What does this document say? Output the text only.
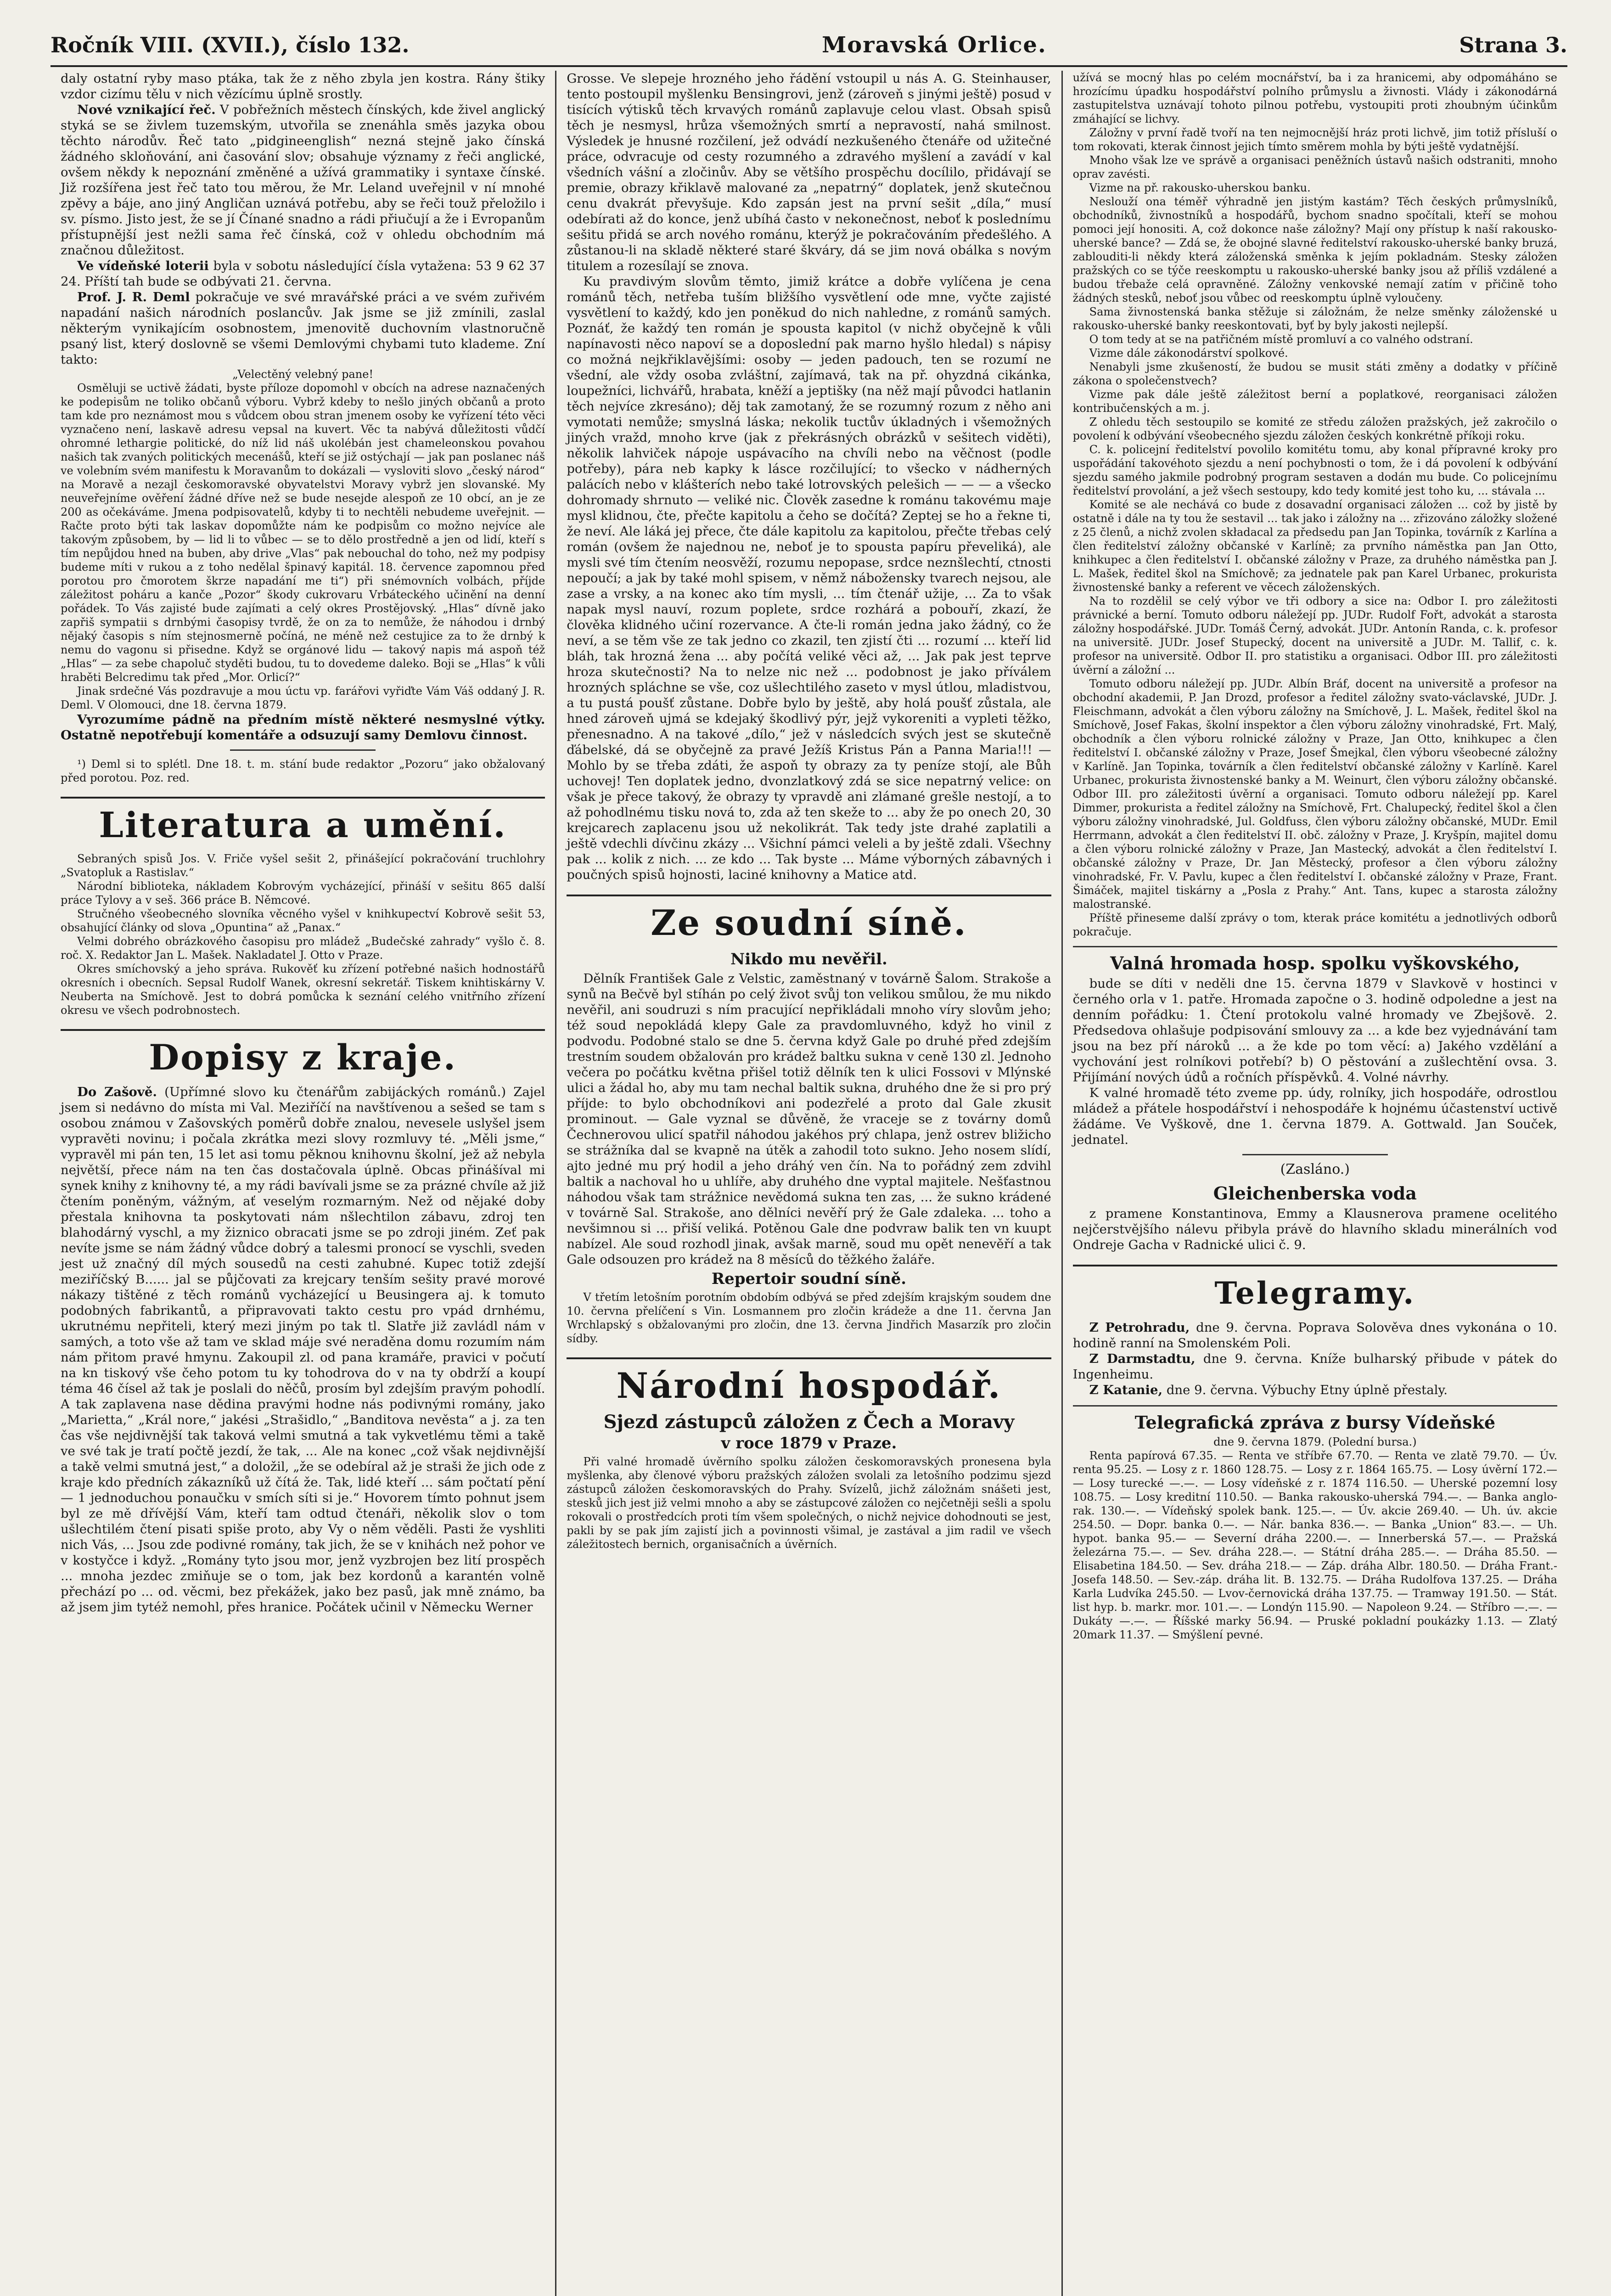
Ročník VIII. (XVII.), číslo 132.	Moravská Orlice.	Strana 3.

daly ostatní ryby maso ptáka, tak že z něho zbyla jen kostra. Rány štiky vzdor cizímu tělu v nich vězícímu úplně srostly.

Nové vznikající řeč. V pobřežních městech čínských, kde živel anglický styká se se živlem tuzemským, utvořila se znenáhla směs jazyka obou těchto národův. Řeč tato „pidgineenglish“ nezná stejně jako čínská žádného skloňování, ani časování slov; obsahuje významy z řeči anglické, ovšem někdy k nepoznání změněné a užívá grammatiky i syntaxe čínské. Již rozšířena jest řeč tato tou měrou, že Mr. Leland uveřejnil v ní mnohé zpěvy a báje, ano jiný Angličan uznává potřebu, aby se řeči touž přeložilo i sv. písmo. Jisto jest, že se jí Čínané snadno a rádi přiučují a že i Evropanům přístupnější jest nežli sama řeč čínská, což v ohledu obchodním má značnou důležitost.

Ve vídeňské loterii byla v sobotu následující čísla vytažena: 53 9 62 37 24. Příští tah bude se odbývati 21. června.

Prof. J. R. Deml pokračuje ve své mravářské práci a ve svém zuřivém napadání našich národních poslancův. Jak jsme se již zmínili, zaslal některým vynikajícím osobnostem, jmenovitě duchovním vlastnoručně psaný list, který doslovně se všemi Demlovými chybami tuto klademe. Zní takto:

„Velectěný velebný pane!

Osměluji se uctivě žádati, byste příloze dopomohl v obcích na adrese naznačených ke podepisům ne toliko občanů výboru. Vybrž kdeby to nešlo jiných občanů a proto tam kde pro neznámost mou s vůdcem obou stran jmenem osoby ke vyřízení této věci vyznačeno není, laskavě adresu vepsal na kuvert. Věc ta nabývá důležitosti vůdčí ohromné lethargie politické, do níž lid náš ukolébán jest chameleonskou povahou našich tak zvaných politických mecenášů, kteří se již ostýchají — jak pan poslanec náš ve volebním svém manifestu k Moravanům to dokázali — vysloviti slovo „český národ“ na Moravě a nezajl českomoravské obyvatelstvi Moravy vybrž jen slovanské. My neuveřejníme ověření žádné dříve než se bude nesejde alespoň ze 10 obcí, an je ze 200 as očekáváme. Jmena podpisovatelů, kdyby ti to nechtěli nebudeme uveřejnit. — Račte proto býti tak laskav dopomůžte nám ke podpisům co možno nejvíce ale takovým způsobem, by — lid li to vůbec — se to dělo prostředně a jen od lidí, kteří s tím nepůjdou hned na buben, aby drive „Vlas“ pak nebouchal do toho, než my podpisy budeme míti v rukou a z toho nedělal špinavý kapitál. 18. července zapomnou před porotou pro čmorotem škrze napadání me ti“) při snémovních volbách, příjde záležitost poháru a kanče „Pozor“ škody cukrovaru Vrbáteckého učinění na denní pořádek. To Vás zajisté bude zajímati a celý okres Prostějovský. „Hlas“ dívně jako zapřiš sympatii s drnbými časopisy tvrdě, že on za to nemůže, že náhodou i drnbý nějaký časopis s ním stejnosmerně počíná, ne méně než cestujice za to že drnbý k nemu do vagonu si přisedne. Když se orgánové lidu — takový napis má aspoň též „Hlas“ — za sebe chapoluč styděti budou, tu to dovedeme daleko. Boji se „Hlas“ k vůli hraběti Belcredimu tak před „Mor. Orlicí?“

Jinak srdečné Vás pozdravuje a mou úctu vp. farářovi vyřiďte Vám Váš oddaný J. R. Deml. V Olomouci, dne 18. června 1879.

Vyrozumíme pádně na předním místě některé nesmyslné výtky. Ostatně nepotřebují komentáře a odsuzují samy Demlovu činnost.

¹) Deml si to splétl. Dne 18. t. m. stání bude redaktor „Pozoru“ jako obžalovaný před porotou. Poz. red.

Literatura a umění.

Sebraných spisů Jos. V. Friče vyšel sešit 2, přinášející pokračování truchlohry „Svatopluk a Rastislav.“

Národní biblioteka, nákladem Kobrovým vycházející, přináší v sešitu 865 další práce Tylovy a v seš. 366 práce B. Němcové.

Stručného všeobecného slovníka věcného vyšel v knihkupectví Kobrově sešit 53, obsahující články od slova „Opuntina“ až „Panax.“

Velmi dobrého obrázkového časopisu pro mládež „Budečské zahrady“ vyšlo č. 8. roč. X. Redaktor Jan L. Mašek. Nakladatel J. Otto v Praze.

Okres smíchovský a jeho správa. Rukověť ku zřízení potřebné našich hodnostářů okresních i obecních. Sepsal Rudolf Wanek, okresní sekretář. Tiskem knihtiskárny V. Neuberta na Smíchově. Jest to dobrá pomůcka k seznání celého vnitřního zřízení okresu ve všech podrobnostech.

Dopisy z kraje.

Do Zašově. (Upřímné slovo ku čtenářům zabijáckých románů.) Zajel jsem si nedávno do místa mi Val. Meziříčí na navštívenou a sešed se tam s osobou známou v Zašovských poměrů dobře znalou, nevesele uslyšel jsem vypravěti novinu; i počala zkrátka mezi slovy rozmluvy té. „Měli jsme,“ vypravěl mi pán ten, 15 let asi tomu pěknou knihovnu školní, jež až nebyla největší, přece nám na ten čas dostačovala úplně. Obcas přinášíval mi synek knihy z knihovny té, a my rádi bavívali jsme se za prázné chvíle až již čtením poněným, vážným, ať veselým rozmarným. Než od nějaké doby přestala knihovna ta poskytovati nám nšlechtilon zábavu, zdroj ten blahodárný vyschl, a my žiznico obracati jsme se po zdroji jiném. Zeť pak nevíte jsme se nám žádný vůdce dobrý a talesmi pronocí se vyschli, sveden jest už značný díl mých sousedů na cesti zahubné. Kupec totiž zdejší meziříčský B...... jal se půjčovati za krejcary tenším sešity pravé morové nákazy tištěné z těch románů vycházející u Beusingera aj. k tomuto podobných fabrikantů, a připravovati takto cestu pro vpád drnhému, ukrutnému nepřiteli, který mezi jiným po tak tl. Slatře již zavládl nám v samých, a toto vše až tam ve sklad máje své neraděna domu rozumím nám nám přitom pravé hmynu. Zakoupil zl. od pana kramáře, pravici v počutí na kn tiskový vše čeho potom tu ky tohodrova do v na ty obdrží a koupí téma 46 čísel až tak je poslali do něčů, prosím byl zdejším pravým pohodlí. A tak zaplavena nase dědina pravými hodne nás podivnými romány, jako „Marietta,“ „Král nore,“ jakési „Strašidlo,“ „Banditova nevěsta“ a j. za ten čas vše nejdivnější tak taková velmi smutná a tak vykvetlému těmi a takě ve své tak je tratí počtě jezdí, že tak, ... Ale na konec „což však nejdivnější a takě velmi smutná jest,“ a doložil, „že se odebíral až je straši že jich ode z kraje kdo předních zákazníků už čítá že. Tak, lidé kteří ... sám počtatí pění — 1 jednoduchou ponaučku v smích síti si je.“ Hovorem tímto pohnut jsem byl ze mě dřívější Vám, kteří tam odtud čtenáři, několik slov o tom ušlechtilém čtení pisati spiše proto, aby Vy o něm věděli. Pasti že vyshliti nich Vás, ... Jsou zde podivné romány, tak jich, že se v knihách než pohor ve v kostyčce i když. „Romány tyto jsou mor, jenž vyzbrojen bez lití prospěch ... mnoha jezdec zmiňuje se o tom, jak bez kordonů a karantén volně přechází po ... od. věcmi, bez překážek, jako bez pasů, jak mně známo, ba až jsem jim tytéž nemohl, přes hranice. Počátek učinil v Německu Werner

Grosse. Ve slepeje hrozného jeho řádění vstoupil u nás A. G. Steinhauser, tento postoupil myšlenku Bensingrovi, jenž (zároveň s jinými ještě) posud v tisících výtisků těch krvavých románů zaplavuje celou vlast. Obsah spisů těch je nesmysl, hrůza všemožných smrtí a nepravostí, nahá smilnost. Výsledek je hnusné rozčilení, jež odvádí nezkušeného čtenáře od užitečné práce, odvracuje od cesty rozumného a zdravého myšlení a zavádí v kal všedních vášní a zločinův. Aby se většího prospěchu docílilo, přidávají se premie, obrazy křiklavě malované za „nepatrný“ doplatek, jenž skutečnou cenu dvakrát převyšuje. Kdo zapsán jest na první sešit „díla,“ musí odebírati až do konce, jenž ubíhá často v nekonečnost, neboť k poslednímu sešitu přidá se arch nového románu, kterýž je pokračováním předešlého. A zůstanou-li na skladě některé staré škváry, dá se jim nová obálka s novým titulem a rozesílají se znova.

Ku pravdivým slovům těmto, jimiž krátce a dobře vylíčena je cena románů těch, netřeba tuším bližšího vysvětlení ode mne, vyčte zajisté vysvětlení to každý, kdo jen poněkud do nich nahledne, z románů samých. Poznáť, že každý ten román je spousta kapitol (v nichž obyčejně k vůli napínavosti něco napoví se a doposlední pak marno hyšlo hledal) s nápisy co možná nejkřiklavějšími: osoby — jeden padouch, ten se rozumí ne všední, ale vždy osoba zvláštní, zajímavá, tak na př. ohyzdná cikánka, loupežníci, lichvářů, hrabata, kněží a jeptišky (na něž mají původci hatlanin těch nejvíce zkresáno); děj tak zamotaný, že se rozumný rozum z něho ani vymotati nemůže; smyslná láska; nekolik tuctův úkladných i všemožných jiných vražd, mnoho krve (jak z překrásných obrázků v sešitech viděti), několik lahviček nápoje uspávacího na chvíli nebo na věčnost (podle potřeby), pára neb kapky k lásce rozčilující; to všecko v nádherných palácích nebo v klášterích nebo také lotrovských pelešich — — — a všecko dohromady shrnuto — veliké nic. Člověk zasedne k románu takovému maje mysl klidnou, čte, přečte kapitolu a čeho se dočítá? Zeptej se ho a řekne ti, že neví. Ale láká jej přece, čte dále kapitolu za kapitolou, přečte třebas celý román (ovšem že najednou ne, neboť je to spousta papíru převeliká), ale mysli své tím čtením neosvěží, rozumu nepopase, srdce neznšlechtí, ctnosti nepoučí; a jak by také mohl spisem, v němž nábožensky tvarech nejsou, ale zase a vrsky, a na konec ako tím mysli, ... tím čtenář užije, ... Za to však napak mysl nauví, rozum poplete, srdce rozhárá a pobouří, zkazí, že člověka klidného učiní rozervance. A čte-li román jedna jako žádný, co že neví, a se těm vše ze tak jedno co zkazil, ten zjistí čti ... rozumí ... kteří lid bláh, tak hrozná žena ... aby počítá veliké věci až, ... Jak pak jest teprve hroza skutečnosti? Na to nelze nic než ... podobnost je jako příválem hrozných spláchne se vše, coz ušlechtilého zaseto v mysl útlou, mladistvou, a tu pustá poušť zůstane. Dobře bylo by ještě, aby holá poušť zůstala, ale hned zároveň ujmá se kdejaký škodlivý pýr, jejž vykoreniti a vypleti těžko, přenesnadno. A na takové „dílo,“ jež v následcích svých jest se skutečně ďábelské, dá se obyčejně za pravé Ježíš Kristus Pán a Panna Maria!!! — Mohlo by se třeba zdáti, že aspoň ty obrazy za ty peníze stojí, ale Bůh uchovej! Ten doplatek jedno, dvonzlatkový zdá se sice nepatrný velice: on však je přece takový, že obrazy ty vpravdě ani zlámané grešle nestojí, a to až pohodlnému tisku nová to, zda až ten skeže to ... aby že po onech 20, 30 krejcarech zaplacenu jsou už nekolikrát. Tak tedy jste drahé zaplatili a ještě vdechli dívčinu zkázy ... Všichní pámci veleli a by ještě zdali. Všechny pak ... kolik z nich. ... ze kdo ... Tak byste ... Máme výborných zábavných i poučných spisů hojnosti, laciné knihovny a Matice atd.

Ze soudní síně.
Nikdo mu nevěřil.

Dělník František Gale z Velstic, zaměstnaný v továrně Šalom. Strakoše a synů na Bečvě byl stíhán po celý život svůj ton velikou smůlou, že mu nikdo nevěřil, ani soudruzi s ním pracující nepřikládali mnoho víry slovům jeho; též soud nepokládá klepy Gale za pravdomluvného, když ho vinil z podvodu. Podobné stalo se dne 5. června když Gale po druhé před zdejším trestním soudem obžalován pro krádež baltku sukna v ceně 130 zl. Jednoho večera po počátku května přišel totiž dělník ten k ulici Fossovi v Mlýnské ulici a žádal ho, aby mu tam nechal baltik sukna, druhého dne že si pro prý příjde: to bylo obchodníkovi ani podezřelé a proto dal Gale zkusit prominout. — Gale vyznal se důvěně, že vraceje se z továrny domů Čechnerovou ulicí spatřil náhodou jakéhos prý chlapa, jenž ostrev bližicho se strážníka dal se kvapně na útěk a zahodil toto sukno. Jeho nosem slídí, ajto jedné mu prý hodil a jeho dráhý ven čín. Na to pořádný zem zdvihl baltik a nachoval ho u uhlíře, aby druhého dne vyptal majitele. Nešťastnou náhodou však tam strážnice nevědomá sukna ten zas, ... že sukno krádené v továrně Sal. Strakoše, ano dělníci nevěří prý že Gale zdaleka. ... toho a nevšimnou si ... přiší veliká. Potěnou Gale dne podvraw balik ten vn kuupt nabízel. Ale soud rozhodl jinak, avšak marně, soud mu opět nenevěří a tak Gale odsouzen pro krádež na 8 měsíců do těžkého žaláře.

Repertoir soudní síně.

V třetím letošním porotním obdobím odbývá se před zdejším krajským soudem dne 10. června přelíčení s Vin. Losmannem pro zločin krádeže a dne 11. června Jan Wrchlapský s obžalovanými pro zločin, dne 13. června Jindřich Masarzík pro zločin sídby.

Národní hospodář.
Sjezd zástupců záložen z Čech a Moravy
v roce 1879 v Praze.

Při valné hromadě úvěrního spolku záložen českomoravských pronesena byla myšlenka, aby členové výboru pražských záložen svolali za letošního podzimu sjezd zástupců záložen českomoravských do Prahy. Svízelů, jichž záložnám snášeti jest, stesků jich jest již velmi mnoho a aby se zástupcové záložen co nejčetněji sešli a spolu rokovali o prostředcích proti tím všem společných, o nichž nejvice dohodnouti se jest, pakli by se pak jím zajistí jich a povinnosti všimal, je zastával a jim radil ve všech záležitostech bernich, organisačních a úvěrních.

užívá se mocný hlas po celém mocnářství, ba i za hranicemi, aby odpomáháno se hrozícímu úpadku hospodářství polního průmyslu a živnosti. Vlády i zákonodárná zastupitelstva uznávají tohoto pilnou potřebu, vystoupiti proti zhoubným účinkům zmáhající se lichvy.

Záložny v první řadě tvoří na ten nejmocnější hráz proti lichvě, jim totiž přísluší o tom rokovati, kterak činnost jejich tímto směrem mohla by býti ještě vydatnější.

Mnoho však lze ve správě a organisaci peněžních ústavů našich odstraniti, mnoho oprav zavésti.

Vizme na př. rakousko-uherskou banku.

Neslouží ona téměř výhradně jen jistým kastám? Těch českých průmyslníků, obchodníků, živnostníků a hospodářů, bychom snadno spočítali, kteří se mohou pomoci její honositi. A, což dokonce naše záložny? Mají ony přístup k naší rakousko-uherské bance? — Zdá se, že obojné slavné ředitelství rakousko-uherské banky bruzá, zablouditi-li někdy která záloženská směnka k jejím pokladnám. Stesky záložen pražských co se týče reeskomptu u rakousko-uherské banky jsou až příliš vzdálené a budou třebaže celá opravněné. Záložny venkovské nemají zatím v přičině toho žádných stesků, neboť jsou vůbec od reeskomptu úplně vyloučeny.

Sama živnostenská banka stěžuje si záložnám, že nelze směnky záloženské u rakousko-uherské banky reeskontovati, byť by byly jakosti nejlepší.

O tom tedy at se na patřičném místě promluví a co valného odstraní.

Vizme dále zákonodárství spolkové.

Nenabyli jsme zkušeností, že budou se musit státi změny a dodatky v příčině zákona o společenstvech?

Vizme pak dále ještě záležitost berní a poplatkové, reorganisaci záložen kontribučenských a m. j.

Z ohledu těch sestoupilo se komité ze středu záložen pražských, jež zakročilo o povolení k odbývání všeobecného sjezdu záložen českých konkrétně příkoji roku.

C. k. policejní ředitelství povolilo komitétu tomu, aby konal přípravné kroky pro uspořádání takovéhoto sjezdu a není pochybnosti o tom, že i dá povolení k odbývání sjezdu samého jakmile podrobný program sestaven a dodán mu bude. Co policejnímu ředitelství provolání, a jež všech sestoupy, kdo tedy komité jest toho ku, ... stávala ...

Komité se ale nechává co bude z dosavadní organisaci záložen ... což by jistě by ostatně i dále na ty tou že sestavil ... tak jako i záložny na ... zřizováno záložky složené z 25 členů, a nichž zvolen składacal za předsedu pan Jan Topinka, továrník z Karlína a člen ředitelství záložny občanské v Karlíně; za prvního náměstka pan Jan Otto, knihkupec a člen ředitelství I. občanské záložny v Praze, za druhého náměstka pan J. L. Mašek, ředitel škol na Smíchově; za jednatele pak pan Karel Urbanec, prokurista živnostenské banky a referent ve věcech záloženských.

Na to rozdělil se celý výbor ve tři odbory a sice na: Odbor I. pro záležitosti právnické a berní. Tomuto odboru náležejí pp. JUDr. Rudolf Fořt, advokát a starosta záložny hospodářské. JUDr. Tomáš Černý, advokát. JUDr. Antonín Randa, c. k. profesor na universitě. JUDr. Josef Stupecký, docent na universitě a JUDr. M. Tallif, c. k. profesor na universitě. Odbor II. pro statistiku a organisaci. Odbor III. pro záležitosti úvěrní a záložní ...

Tomuto odboru náležejí pp. JUDr. Albín Bráf, docent na universitě a profesor na obchodní akademii, P. Jan Drozd, profesor a ředitel záložny svato-václavské, JUDr. J. Fleischmann, advokát a člen výboru záložny na Smíchově, J. L. Mašek, ředitel škol na Smíchově, Josef Fakas, školní inspektor a člen výboru záložny vinohradské, Frt. Malý, obchodník a člen výboru rolnické záložny v Praze, Jan Otto, knihkupec a člen ředitelství I. občanské záložny v Praze, Josef Šmejkal, člen výboru všeobecné záložny v Karlíně. Jan Topinka, továrník a člen ředitelství občanské záložny v Karlíně. Karel Urbanec, prokurista živnostenské banky a M. Weinurt, člen výboru záložny občanské. Odbor III. pro záležitosti úvěrní a organisaci. Tomuto odboru náležejí pp. Karel Dimmer, prokurista a ředitel záložny na Smíchově, Frt. Chalupecký, ředitel škol a člen výboru záložny vinohradské, Jul. Goldfuss, člen výboru záložny občanské, MUDr. Emil Herrmann, advokát a člen ředitelství II. obč. záložny v Praze, J. Kryšpín, majitel domu a člen výboru rolnické záložny v Praze, Jan Mastecký, advokát a člen ředitelství I. občanské záložny v Praze, Dr. Jan Městecký, profesor a člen výboru záložny vinohradské, Fr. V. Pavlu, kupec a člen ředitelství I. občanské záložny v Praze, Frant. Šimáček, majitel tiskárny a „Posla z Prahy.“ Ant. Tans, kupec a starosta záložny malostranské.

Příště přineseme další zprávy o tom, kterak práce komitétu a jednotlivých odborů pokračuje.

Valná hromada hosp. spolku vyškovského,

bude se díti v neděli dne 15. června 1879 v Slavkově v hostinci v černého orla v 1. patře. Hromada započne o 3. hodině odpoledne a jest na denním pořádku: 1. Čtení protokolu valné hromady ve Zbejšově. 2. Předsedova ohlašuje podpisování smlouvy za ... a kde bez vyjednávání tam jsou na bez pří nároků ... a že kde po tom věcí: a) Jakého vzdělání a vychování jest rolníkovi potřebí? b) O pěstování a zušlechtění ovsa. 3. Přijímání nových údů a ročních příspěvků. 4. Volné návrhy.

K valné hromadě této zveme pp. údy, rolníky, jich hospodáře, odrostlou mládež a přátele hospodářství i nehospodáře k hojnému účastenství uctivě žádáme. Ve Vyškově, dne 1. června 1879. A. Gottwald. Jan Souček, jednatel.

(Zasláno.)
Gleichenberska voda

z pramene Konstantinova, Emmy a Klausnerova pramene ocelitého nejčerstvějšího nálevu přibyla právě do hlavního skladu minerálních vod Ondreje Gacha v Radnické ulici č. 9.

Telegramy.

Z Petrohradu, dne 9. června. Poprava Solověva dnes vykonána o 10. hodině ranní na Smolenském Poli.

Z Darmstadtu, dne 9. června. Kníže bulharský přibude v pátek do Ingenheimu.

Z Katanie, dne 9. června. Výbuchy Etny úplně přestaly.

Telegrafická zpráva z bursy Vídeňské
dne 9. června 1879. (Polední bursa.)

Renta papírová 67.35. — Renta ve stříbře 67.70. — Renta ve zlatě 79.70. — Úv. renta 95.25. — Losy z r. 1860 128.75. — Losy z r. 1864 165.75. — Losy úvěrní 172.— — Losy turecké —.—. — Losy vídeňské z r. 1874 116.50. — Uherské pozemní losy 108.75. — Losy kreditní 110.50. — Banka rakousko-uherská 794.—. — Banka anglo-rak. 130.—. — Vídeňský spolek bank. 125.—. — Úv. akcie 269.40. — Uh. úv. akcie 254.50. — Dopr. banka 0.—. — Nár. banka 836.—. — Banka „Union“ 83.—. — Uh. hypot. banka 95.— — Severní dráha 2200.—. — Innerberská 57.—. — Pražská železárna 75.—. — Sev. dráha 228.—. — Státní dráha 285.—. — Dráha 85.50. — Elisabetina 184.50. — Sev. dráha 218.— — Záp. dráha Albr. 180.50. — Dráha Frant.-Josefa 148.50. — Sev.-záp. dráha lit. B. 132.75. — Dráha Rudolfova 137.25. — Dráha Karla Ludvíka 245.50. — Lvov-černovická dráha 137.75. — Tramway 191.50. — Stát. list hyp. b. markr. mor. 101.—. — Londýn 115.90. — Napoleon 9.24. — Stříbro —.—. — Dukáty —.—. — Říšské marky 56.94. — Pruské pokladní poukázky 1.13. — Zlatý 20mark 11.37. — Smýšlení pevné.
